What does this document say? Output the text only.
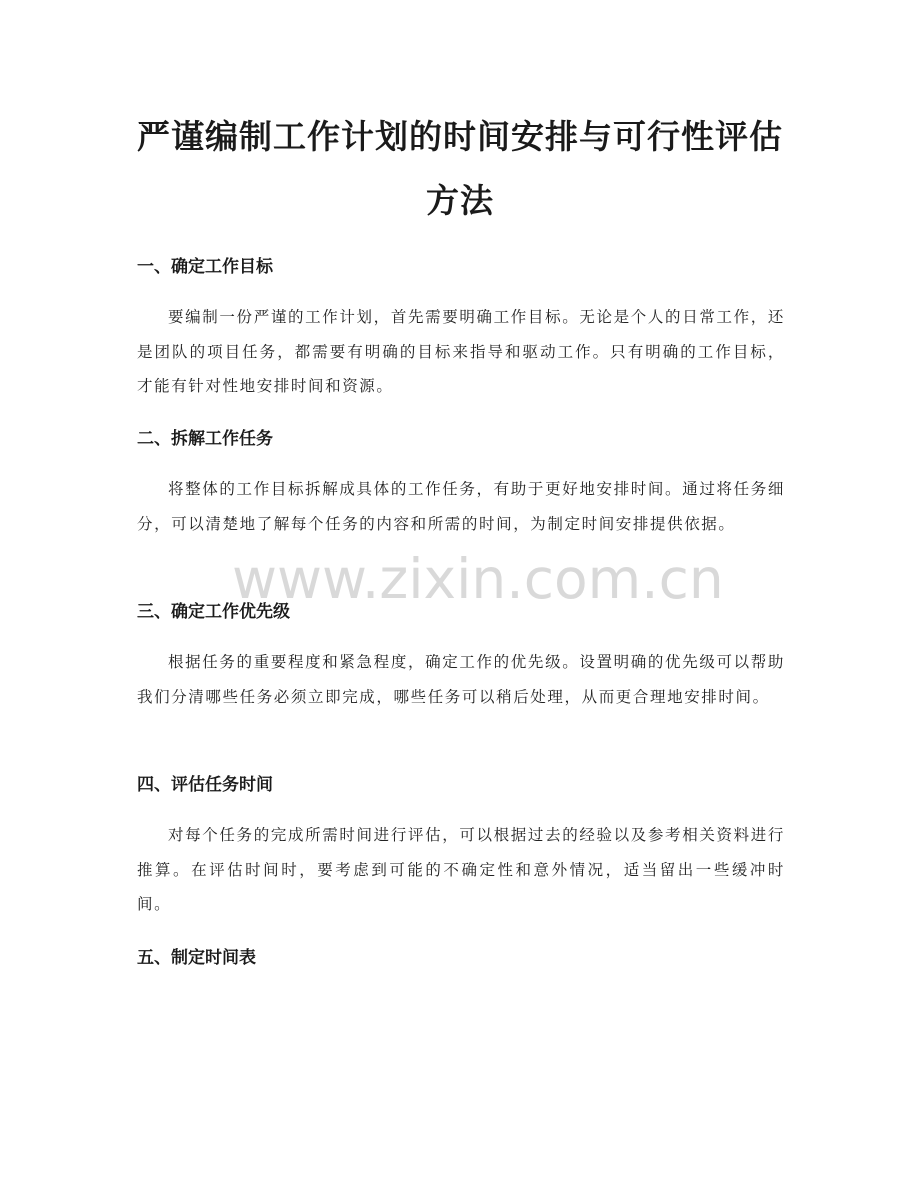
严谨编制工作计划的时间安排与可行性评估方法
一、确定工作目标

要编制一份严谨的工作计划，首先需要明确工作目标。无论是个人的日常工作，还是团队的项目任务，都需要有明确的目标来指导和驱动工作。只有明确的工作目标，才能有针对性地安排时间和资源。

二、拆解工作任务

将整体的工作目标拆解成具体的工作任务，有助于更好地安排时间。通过将任务细分，可以清楚地了解每个任务的内容和所需的时间，为制定时间安排提供依据。

三、确定工作优先级

根据任务的重要程度和紧急程度，确定工作的优先级。设置明确的优先级可以帮助我们分清哪些任务必须立即完成，哪些任务可以稍后处理，从而更合理地安排时间。

四、评估任务时间

对每个任务的完成所需时间进行评估，可以根据过去的经验以及参考相关资料进行推算。在评估时间时，要考虑到可能的不确定性和意外情况，适当留出一些缓冲时间。

五、制定时间表
www.zixin.com.cn
